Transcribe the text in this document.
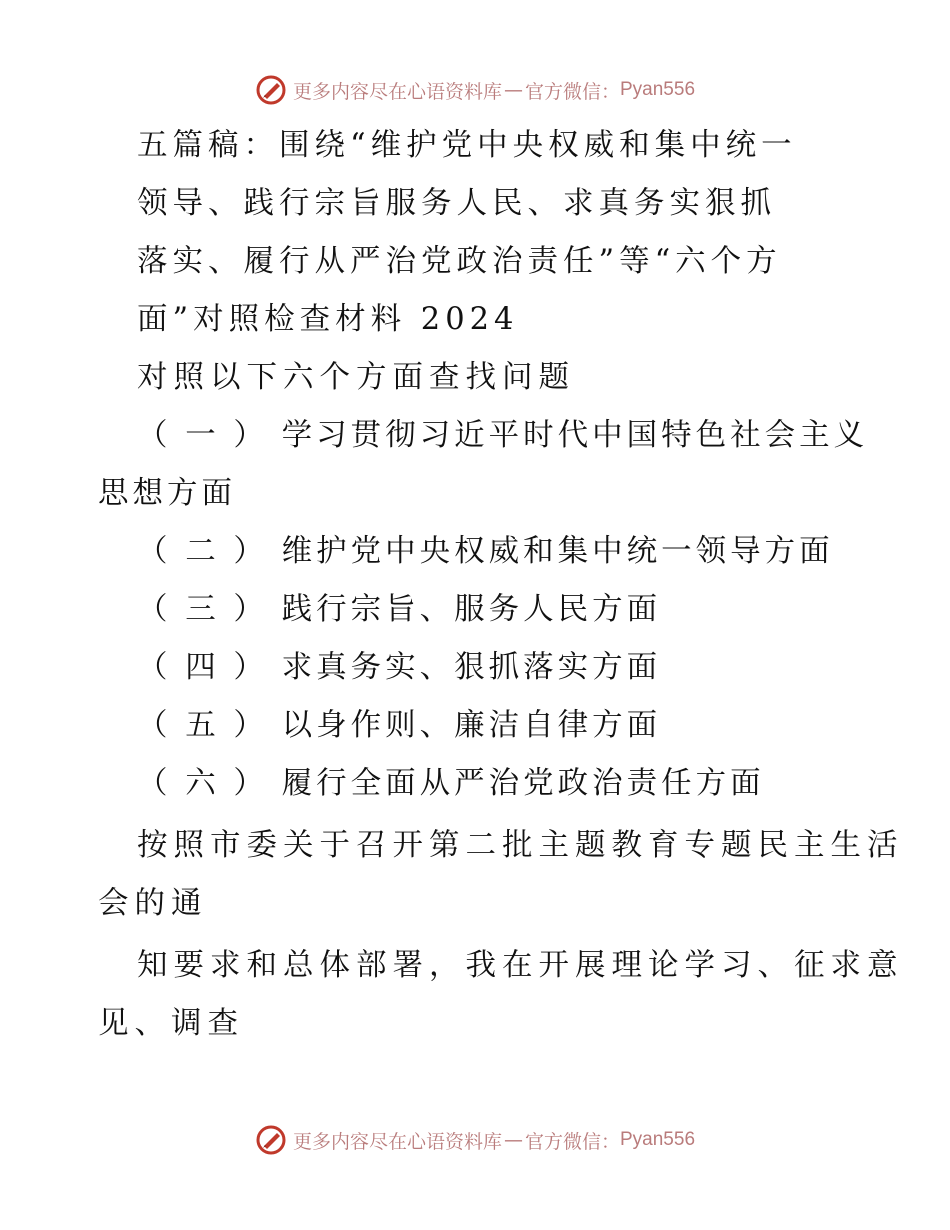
更多内容尽在心语资料库 — 官方微信： Pyan556
五篇稿：围绕“维护党中央权威和集中统一
领导、践行宗旨服务人民、求真务实狠抓
落实、履行从严治党政治责任”等“六个方
面”对照检查材料 2024
对照以下六个方面查找问题
（ 一 ） 学习贯彻习近平时代中国特色社会主义
思想方面
（ 二 ） 维护党中央权威和集中统一领导方面
（ 三 ） 践行宗旨、服务人民方面
（ 四 ） 求真务实、狠抓落实方面
（ 五 ） 以身作则、廉洁自律方面
（ 六 ） 履行全面从严治党政治责任方面
按照市委关于召开第二批主题教育专题民主生活
会的通
知要求和总体部署，我在开展理论学习、征求意
见、调查
更多内容尽在心语资料库 — 官方微信： Pyan556
